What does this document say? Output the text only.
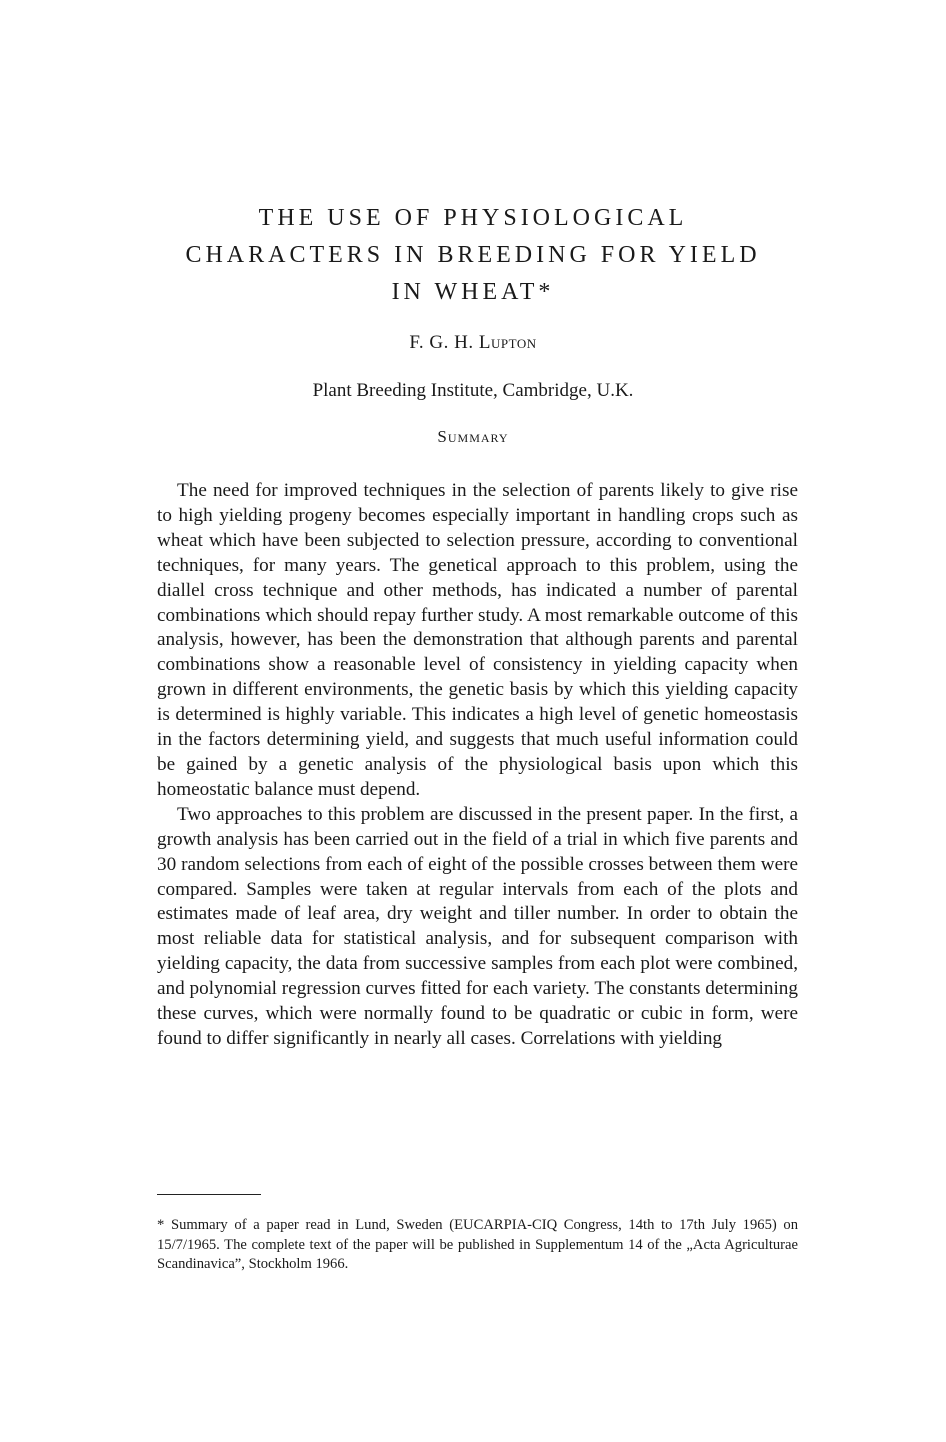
THE USE OF PHYSIOLOGICAL
CHARACTERS IN BREEDING FOR YIELD
IN WHEAT*
F. G. H. Lupton
Plant Breeding Institute, Cambridge, U.K.
Summary

The need for improved techniques in the selection of parents likely to give rise to high yielding progeny becomes especially important in handling crops such as wheat which have been subjected to selection pressure, according to conventional techniques, for many years. The genetical approach to this problem, using the diallel cross technique and other methods, has indicated a number of parental combinations which should repay further study. A most remarkable outcome of this analysis, however, has been the demonstration that although parents and parental combinations show a reasonable level of consistency in yielding capacity when grown in different environments, the genetic basis by which this yielding capacity is determined is highly variable. This indicates a high level of genetic homeostasis in the factors determining yield, and suggests that much useful information could be gained by a genetic analysis of the physiological basis upon which this homeostatic balance must depend.

Two approaches to this problem are discussed in the present paper. In the first, a growth analysis has been carried out in the field of a trial in which five parents and 30 random selections from each of eight of the possible crosses between them were compared. Samples were taken at regular intervals from each of the plots and estimates made of leaf area, dry weight and tiller number. In order to obtain the most reliable data for statistical analysis, and for subsequent comparison with yielding capacity, the data from successive samples from each plot were combined, and polynomial regression curves fitted for each variety. The constants determining these curves, which were normally found to be quadratic or cubic in form, were found to differ significantly in nearly all cases. Correlations with yielding

* Summary of a paper read in Lund, Sweden (EUCARPIA-CIQ Congress, 14th to 17th July 1965) on 15/7/1965. The complete text of the paper will be published in Supplementum 14 of the „Acta Agriculturae Scandinavica”, Stockholm 1966.
